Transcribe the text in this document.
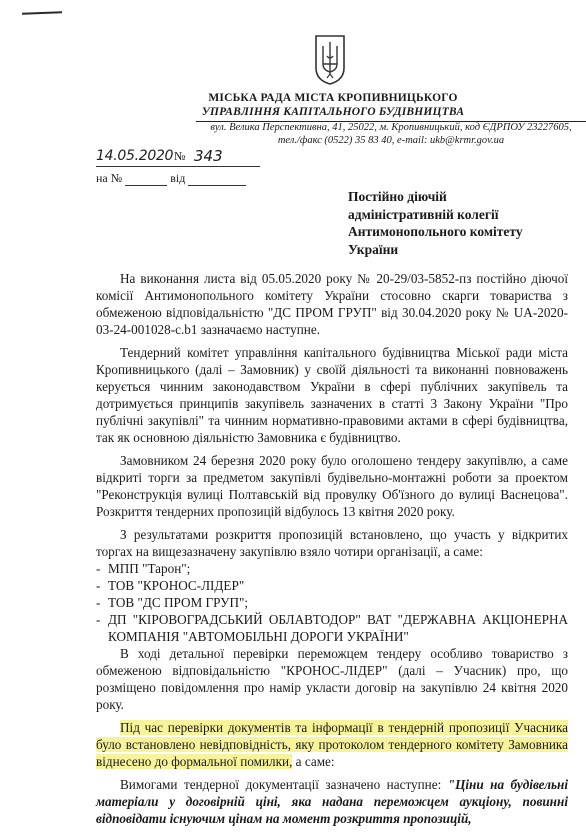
МІСЬКА РАДА МІСТА КРОПИВНИЦЬКОГО
УПРАВЛІННЯ КАПІТАЛЬНОГО БУДІВНИЦТВА
вул. Велика Перспективна, 41, 25022, м. Кропивницький, код ЄДРПОУ 23227605,
тел./факс (0522) 35 83 40, e-mail: ukb@krmr.gov.ua
14.05.2020 № 343
на №	від
Постійно діючій
адміністративній колегії
Антимонопольного комітету
України

На виконання листа від 05.05.2020 року № 20-29/03-5852-пз постійно діючої комісії Антимонопольного комітету України стосовно скарги товариства з обмеженою відповідальністю "ДС ПРОМ ГРУП" від 30.04.2020 року № UA-2020-03-24-001028-c.b1 зазначаємо наступне.

Тендерний комітет управління капітального будівництва Міської ради міста Кропивницького (далі – Замовник) у своїй діяльності та виконанні повноважень керується чинним законодавством України в сфері публічних закупівель та дотримується принципів закупівель зазначених в статті 3 Закону України "Про публічні закупівлі" та чинним нормативно-правовими актами в сфері будівництва, так як основною діяльністю Замовника є будівництво.

Замовником 24 березня 2020 року було оголошено тендеру закупівлю, а саме відкриті торги за предметом закупівлі будівельно-монтажні роботи за проектом "Реконструкція вулиці Полтавській від провулку Об'їзного до вулиці Васнецова". Розкриття тендерних пропозицій відбулось 13 квітня 2020 року.

З результатами розкриття пропозицій встановлено, що участь у відкритих торгах на вищезазначену закупівлю взяло чотири організації, а саме:

- МПП "Тарон";
- ТОВ "КРОНОС-ЛІДЕР"
- ТОВ "ДС ПРОМ ГРУП";
- ДП "КІРОВОГРАДСЬКИЙ ОБЛАВТОДОР" ВАТ "ДЕРЖАВНА АКЦІОНЕРНА КОМПАНІЯ "АВТОМОБІЛЬНІ ДОРОГИ УКРАЇНИ"

В ході детальної перевірки переможцем тендеру особливо товариство з обмеженою відповідальністю "КРОНОС-ЛІДЕР" (далі – Учасник) про, що розміщено повідомлення про намір укласти договір на закупівлю 24 квітня 2020 року.

Під час перевірки документів та інформації в тендерній пропозиції Учасника було встановлено невідповідність, яку протоколом тендерного комітету Замовника віднесено до формальної помилки, а саме:

Вимогами тендерної документації зазначено наступне: "Ціни на будівельні матеріали у договірній ціні, яка надана переможцем аукціону, повинні відповідати існуючим цінам на момент розкриття пропозицій,
